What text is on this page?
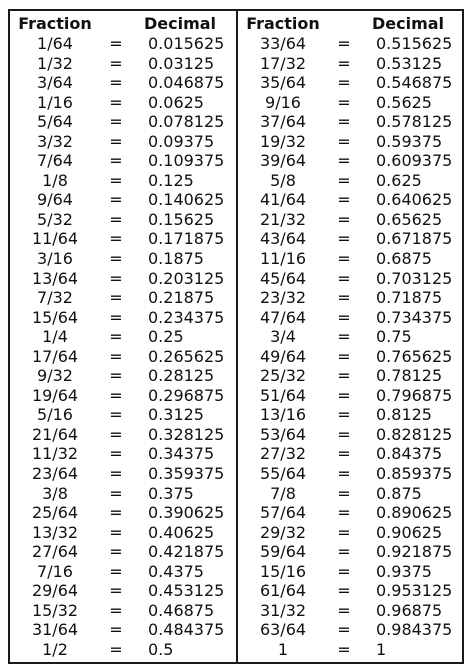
Fraction	Decimal
1/64	= 0.015625
1/32	= 0.03125
3/64	= 0.046875
1/16	= 0.0625
5/64	= 0.078125
3/32	= 0.09375
7/64	= 0.109375
1/8	= 0.125
9/64	= 0.140625
5/32	= 0.15625
11/64	= 0.171875
3/16	= 0.1875
13/64	= 0.203125
7/32	= 0.21875
15/64	= 0.234375
1/4	= 0.25
17/64	= 0.265625
9/32	= 0.28125
19/64	= 0.296875
5/16	= 0.3125
21/64	= 0.328125
11/32	= 0.34375
23/64	= 0.359375
3/8	= 0.375
25/64	= 0.390625
13/32	= 0.40625
27/64	= 0.421875
7/16	= 0.4375
29/64	= 0.453125
15/32	= 0.46875
31/64	= 0.484375
1/2	= 0.5
Fraction	Decimal
33/64	= 0.515625
17/32	= 0.53125
35/64	= 0.546875
9/16	= 0.5625
37/64	= 0.578125
19/32	= 0.59375
39/64	= 0.609375
5/8	= 0.625
41/64	= 0.640625
21/32	= 0.65625
43/64	= 0.671875
11/16	= 0.6875
45/64	= 0.703125
23/32	= 0.71875
47/64	= 0.734375
3/4	= 0.75
49/64	= 0.765625
25/32	= 0.78125
51/64	= 0.796875
13/16	= 0.8125
53/64	= 0.828125
27/32	= 0.84375
55/64	= 0.859375
7/8	= 0.875
57/64	= 0.890625
29/32	= 0.90625
59/64	= 0.921875
15/16	= 0.9375
61/64	= 0.953125
31/32	= 0.96875
63/64	= 0.984375
1	= 1
